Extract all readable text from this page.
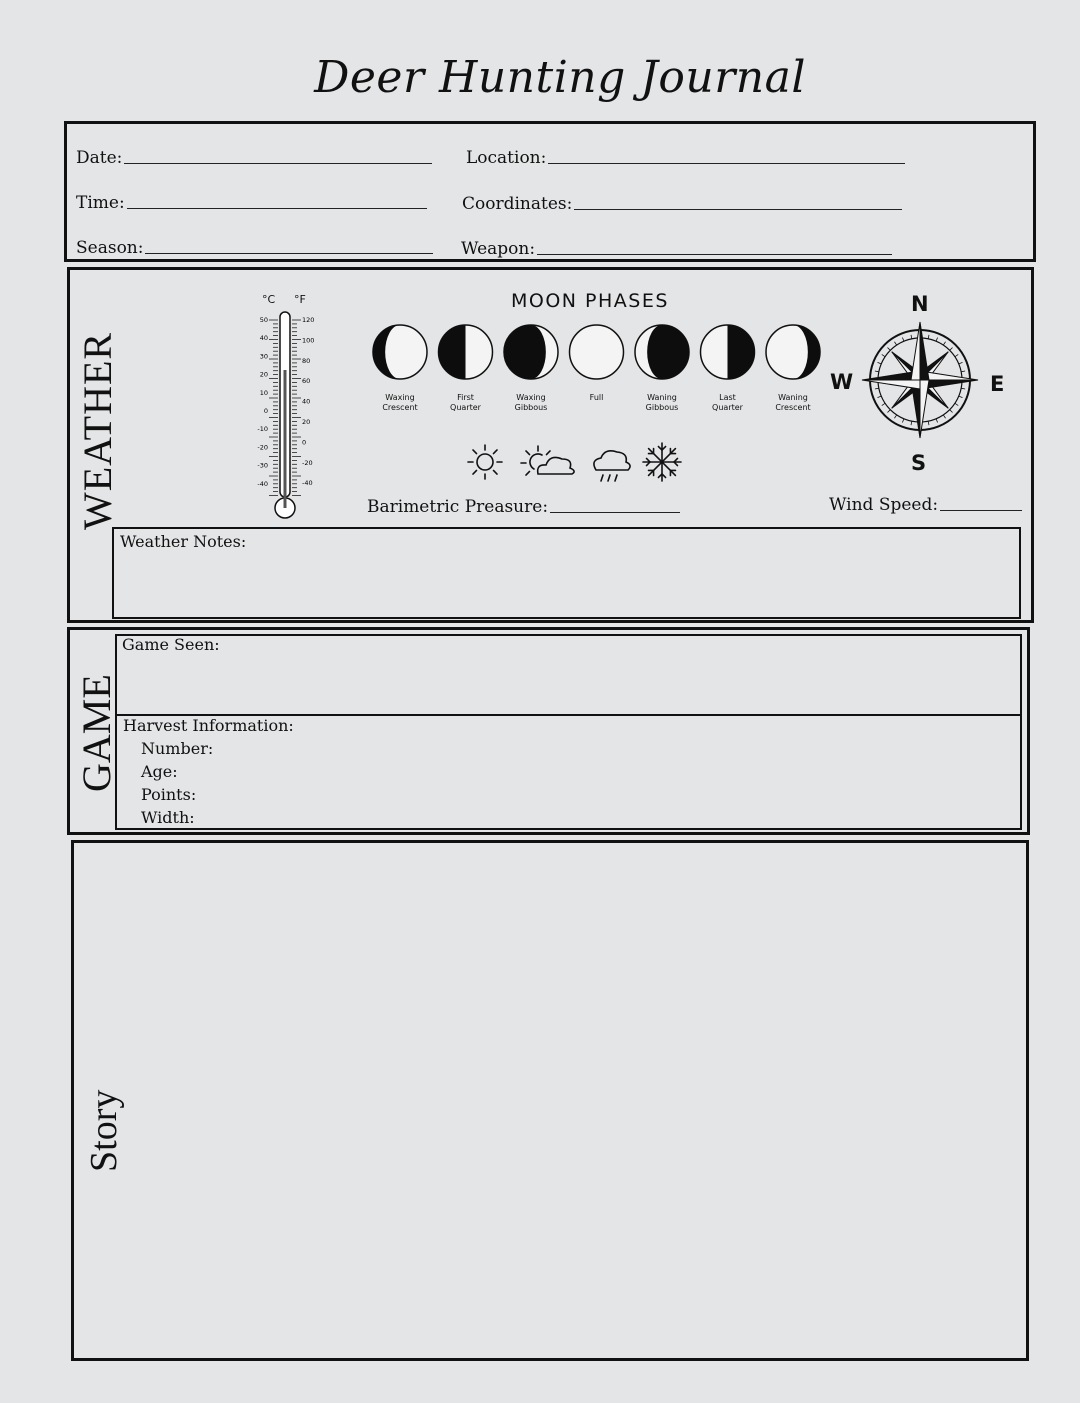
Deer Hunting Journal
Date:	Location:
Time:	Coordinates:
Season:	Weapon:
WEATHER
°C °F
50
40
30
20
10
0
-10
-20
-30
-40
120
100
80
60
40
20
0
-20
-40
MOON PHASES
Waxing
Crescent
First
Quarter
Waxing
Gibbous
Full	Waning
Gibbous
Last
Quarter
Waning
Crescent
N
S
W	E
Barimetric Preasure:	Wind Speed:
Weather Notes:
GAME
Game Seen:
Harvest Information:
Number:
Age:
Points:
Width:
Story
